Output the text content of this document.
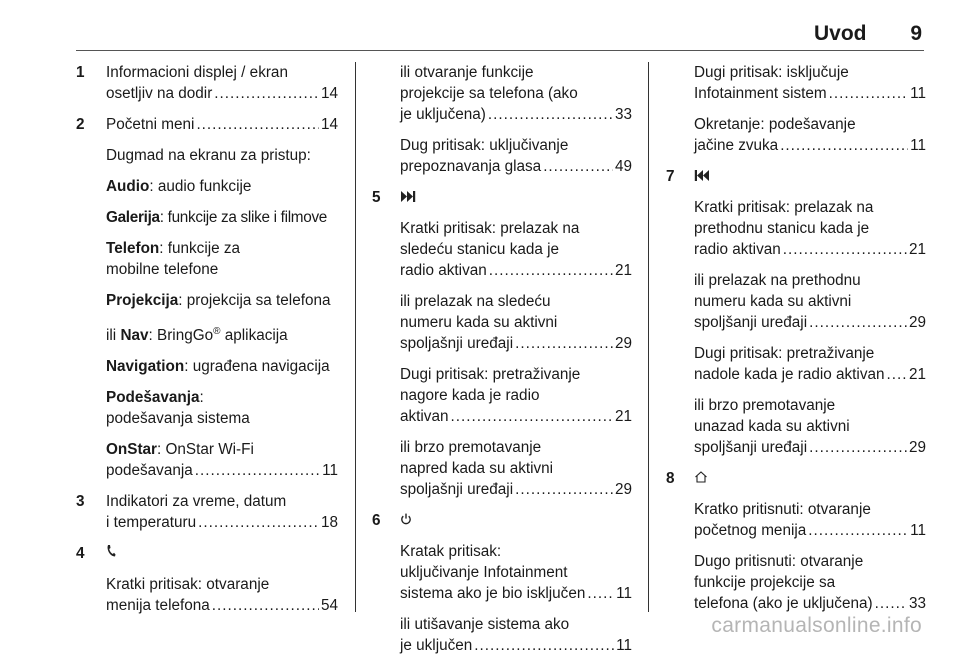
Uvod 9
1 Informacioni displej / ekran

osetljiv na dodir .....	14

2 Početni meni .....	14

Dugmad na ekranu za pristup:

Audio: audio funkcije

Galerija: funkcije za slike i filmove

Telefon: funkcije za
mobilne telefone

Projekcija: projekcija sa telefona

ili Nav: BringGo® aplikacija

Navigation: ugrađena navigacija

Podešavanja:
podešavanja sistema

OnStar: OnStar Wi-Fi

podešavanja .....	11

3 Indikatori za vreme, datum

i temperaturu .....	18

4

Kratki pritisak: otvaranje

menija telefona .....	54

ili otvaranje funkcije
projekcije sa telefona (ako

je uključena) .....	33

Dug pritisak: uključivanje

prepoznavanja glasa .....	49

5

Kratki pritisak: prelazak na
sledeću stanicu kada je

radio aktivan .....	21

ili prelazak na sledeću
numeru kada su aktivni

spoljašnji uređaji .....	29

Dugi pritisak: pretraživanje
nagore kada je radio

aktivan .....	21

ili brzo premotavanje
napred kada su aktivni

spoljašnji uređaji .....	29

6

Kratak pritisak:
uključivanje Infotainment

sistema ako je bio isključen ..... 11

ili utišavanje sistema ako

je uključen .....	11

Dugi pritisak: isključuje

Infotainment sistem .....	11

Okretanje: podešavanje

jačine zvuka .....	11

7

Kratki pritisak: prelazak na
prethodnu stanicu kada je

radio aktivan .....	21

ili prelazak na prethodnu
numeru kada su aktivni

spoljšanji uređaji .....	29

Dugi pritisak: pretraživanje

nadole kada je radio aktivan ..... 21

ili brzo premotavanje
unazad kada su aktivni

spoljšanji uređaji .....	29

8

Kratko pritisnuti: otvaranje

početnog menija .....	11

Dugo pritisnuti: otvaranje
funkcije projekcije sa

telefona (ako je uključena) ..... 33

carmanualsonline.info
